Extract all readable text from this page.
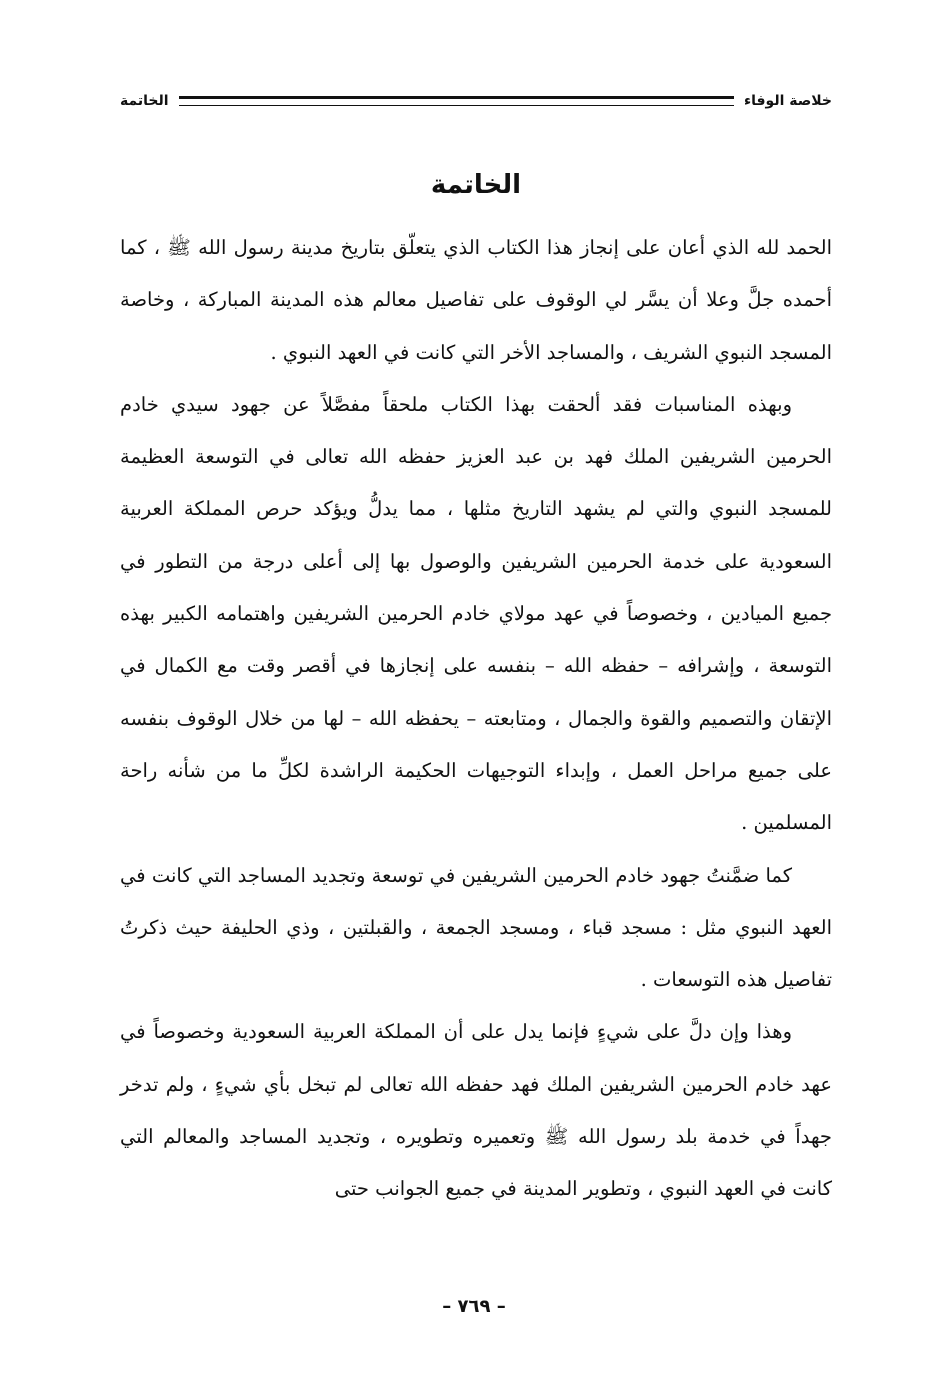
خلاصة الوفاء
الخاتمة
الخاتمة

الحمد لله الذي أعان على إنجاز هذا الكتاب الذي يتعلّق بتاريخ مدينة رسول الله ﷺ ، كما أحمده جلَّ وعلا أن يسَّر لي الوقوف على تفاصيل معالم هذه المدينة المباركة ، وخاصة المسجد النبوي الشريف ، والمساجد الأخر التي كانت في العهد النبوي .

وبهذه المناسبات فقد ألحقت بهذا الكتاب ملحقاً مفصَّلاً عن جهود سيدي خادم الحرمين الشريفين الملك فهد بن عبد العزيز حفظه الله تعالى في التوسعة العظيمة للمسجد النبوي والتي لم يشهد التاريخ مثلها ، مما يدلُّ ويؤكد حرص المملكة العربية السعودية على خدمة الحرمين الشريفين والوصول بها إلى أعلى درجة من التطور في جميع الميادين ، وخصوصاً في عهد مولاي خادم الحرمين الشريفين واهتمامه الكبير بهذه التوسعة ، وإشرافه – حفظه الله – بنفسه على إنجازها في أقصر وقت مع الكمال في الإتقان والتصميم والقوة والجمال ، ومتابعته – يحفظه الله – لها من خلال الوقوف بنفسه على جميع مراحل العمل ، وإبداء التوجيهات الحكيمة الراشدة لكلِّ ما من شأنه راحة المسلمين .

كما ضمَّنتُ جهود خادم الحرمين الشريفين في توسعة وتجديد المساجد التي كانت في العهد النبوي مثل : مسجد قباء ، ومسجد الجمعة ، والقبلتين ، وذي الحليفة حيث ذكرتُ تفاصيل هذه التوسعات .

وهذا وإن دلَّ على شيءٍ فإنما يدل على أن المملكة العربية السعودية وخصوصاً في عهد خادم الحرمين الشريفين الملك فهد حفظه الله تعالى لم تبخل بأي شيءٍ ، ولم تدخر جهداً في خدمة بلد رسول الله ﷺ وتعميره وتطويره ، وتجديد المساجد والمعالم التي كانت في العهد النبوي ، وتطوير المدينة في جميع الجوانب حتى

– ٧٦٩ –
